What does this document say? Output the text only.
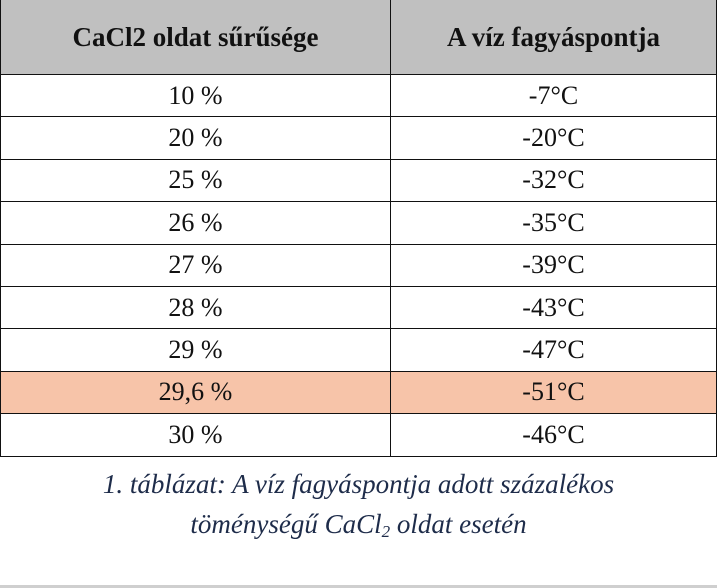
CaCl2 oldat sűrűsége	A víz fagyáspontja
10 %	-7°C
20 %	-20°C
25 %	-32°C
26 %	-35°C
27 %	-39°C
28 %	-43°C
29 %	-47°C
29,6 %	-51°C
30 %	-46°C
1. táblázat: A víz fagyáspontja adott százalékos
töménységű CaCl$_2$ oldat esetén
